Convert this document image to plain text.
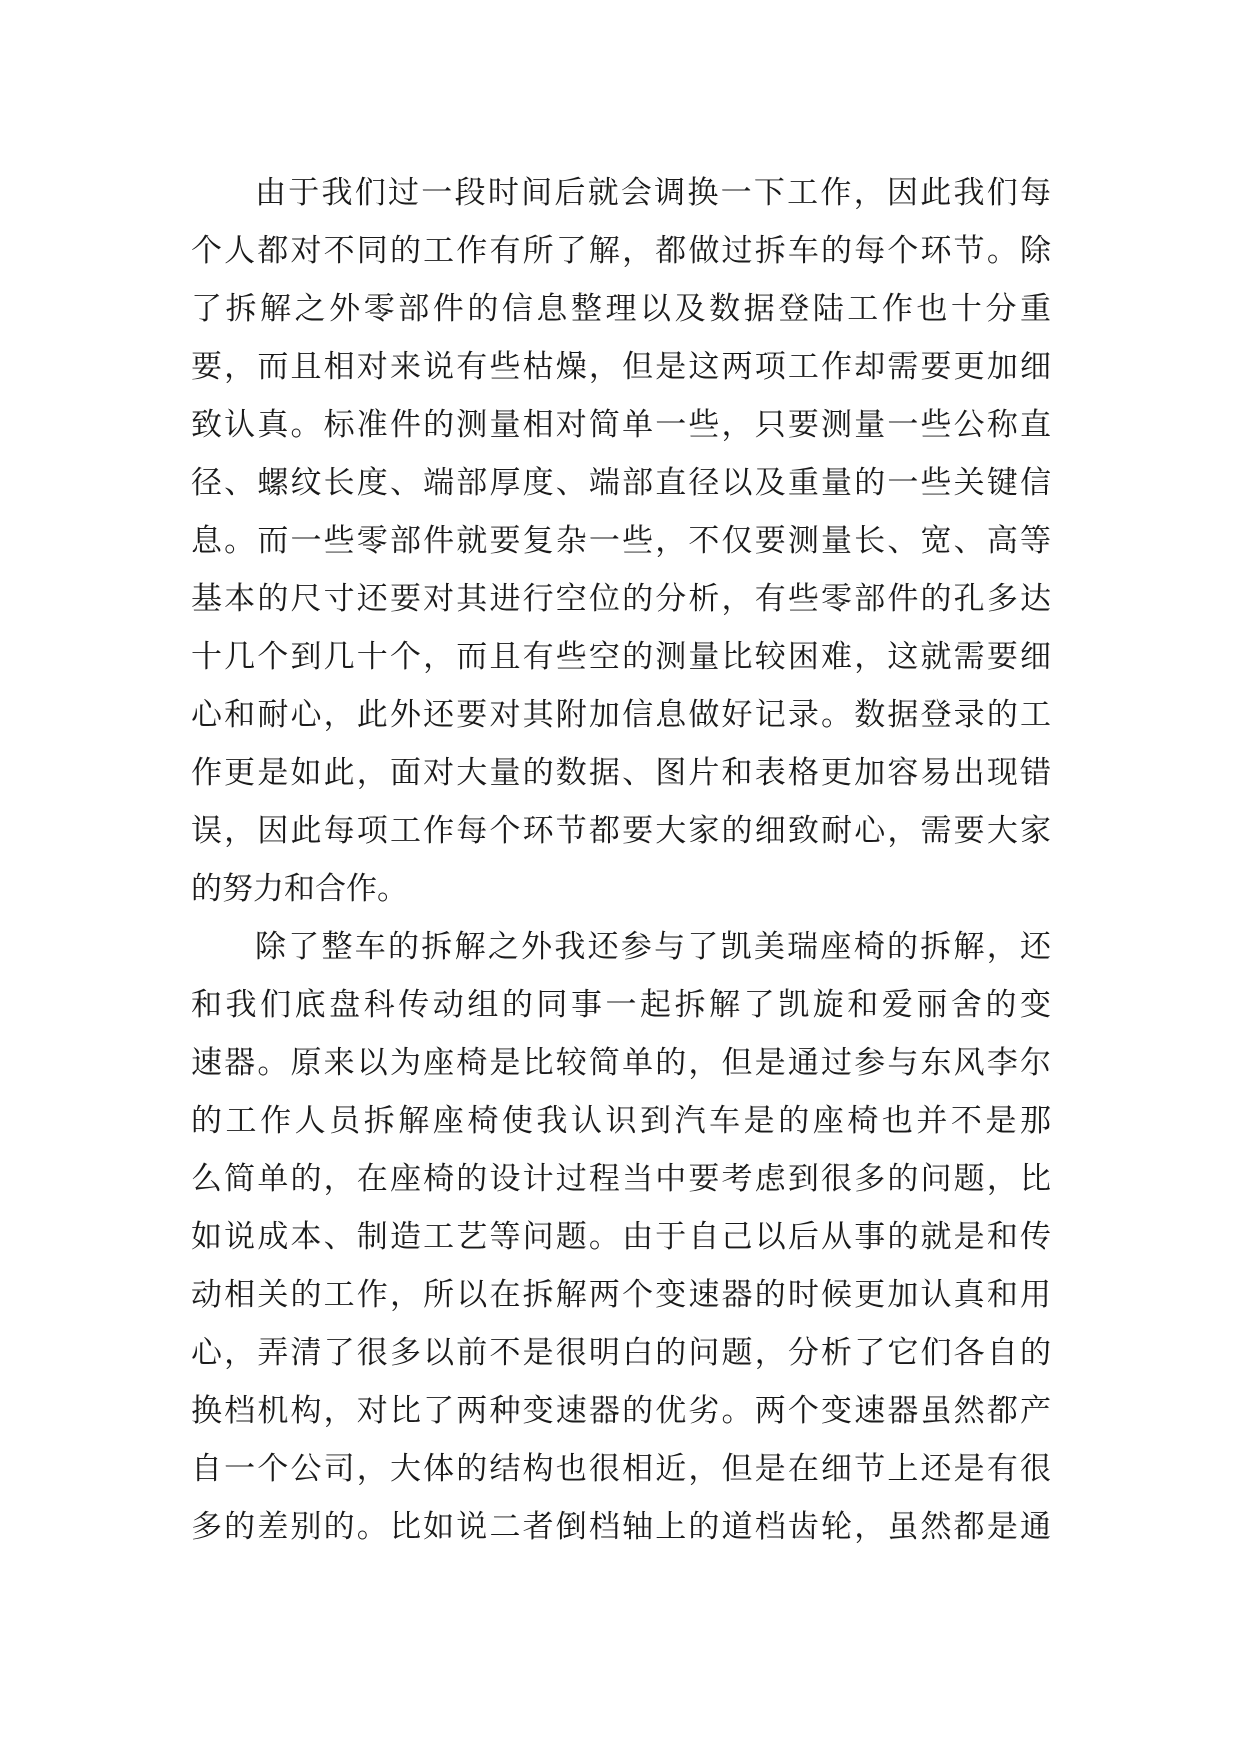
由于我们过一段时间后就会调换一下工作，因此我们每
个人都对不同的工作有所了解，都做过拆车的每个环节。除
了拆解之外零部件的信息整理以及数据登陆工作也十分重
要，而且相对来说有些枯燥，但是这两项工作却需要更加细
致认真。标准件的测量相对简单一些，只要测量一些公称直
径、螺纹长度、端部厚度、端部直径以及重量的一些关键信
息。而一些零部件就要复杂一些，不仅要测量长、宽、高等
基本的尺寸还要对其进行空位的分析，有些零部件的孔多达
十几个到几十个，而且有些空的测量比较困难，这就需要细
心和耐心，此外还要对其附加信息做好记录。数据登录的工
作更是如此，面对大量的数据、图片和表格更加容易出现错
误，因此每项工作每个环节都要大家的细致耐心，需要大家
的努力和合作。
除了整车的拆解之外我还参与了凯美瑞座椅的拆解，还
和我们底盘科传动组的同事一起拆解了凯旋和爱丽舍的变
速器。原来以为座椅是比较简单的，但是通过参与东风李尔
的工作人员拆解座椅使我认识到汽车是的座椅也并不是那
么简单的，在座椅的设计过程当中要考虑到很多的问题，比
如说成本、制造工艺等问题。由于自己以后从事的就是和传
动相关的工作，所以在拆解两个变速器的时候更加认真和用
心，弄清了很多以前不是很明白的问题，分析了它们各自的
换档机构，对比了两种变速器的优劣。两个变速器虽然都产
自一个公司，大体的结构也很相近，但是在细节上还是有很
多的差别的。比如说二者倒档轴上的道档齿轮，虽然都是通
